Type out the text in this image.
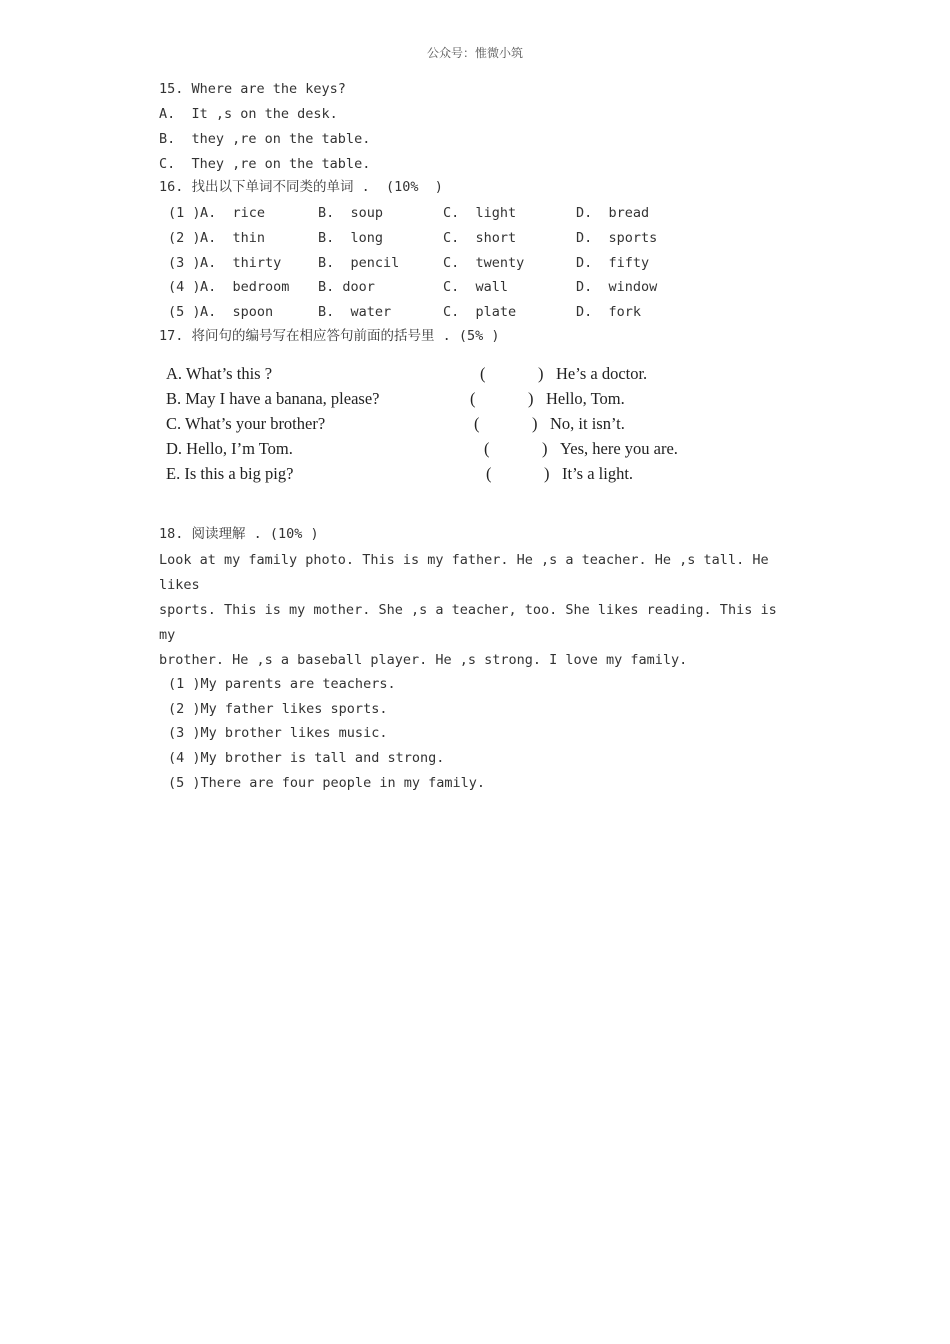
公众号：惟微小筑
15. Where are the keys?
A.  It ,s on the desk.
B.  they ,re on the table.
C.  They ,re on the table.
16. 找出以下单词不同类的单词 .  (10%  )
(1 ) A.  rice	B.  soup	C.  light	D.  bread
(2 ) A.  thin	B.  long	C.  short	D.  sports
(3 ) A.  thirty	B.  pencil	C.  twenty	D.  fifty
(4 ) A.  bedroom B. door	C.  wall	D.  window
(5 ) A.  spoon	B.  water	C.  plate	D.  fork
17. 将问句的编号写在相应答句前面的括号里 . (5% )
A. What’s this ?	(	) He’s a doctor.
B. May I have a banana, please?	(	) Hello, Tom.
C. What’s your brother?	(	) No, it isn’t.
D. Hello, I’m Tom.	(	) Yes, here you are.
E. Is this a big pig?	(	) It’s a light.
18. 阅读理解 . (10% )

Look at my family photo. This is my father. He ,s a teacher. He ,s tall. He likes

sports. This is my mother. She ,s a teacher, too. She likes reading. This is my

brother. He ,s a baseball player. He ,s strong. I love my family.

(1 )My parents are teachers.
(2 )My father likes sports.
(3 )My brother likes music.
(4 )My brother is tall and strong.
(5 )There are four people in my family.
